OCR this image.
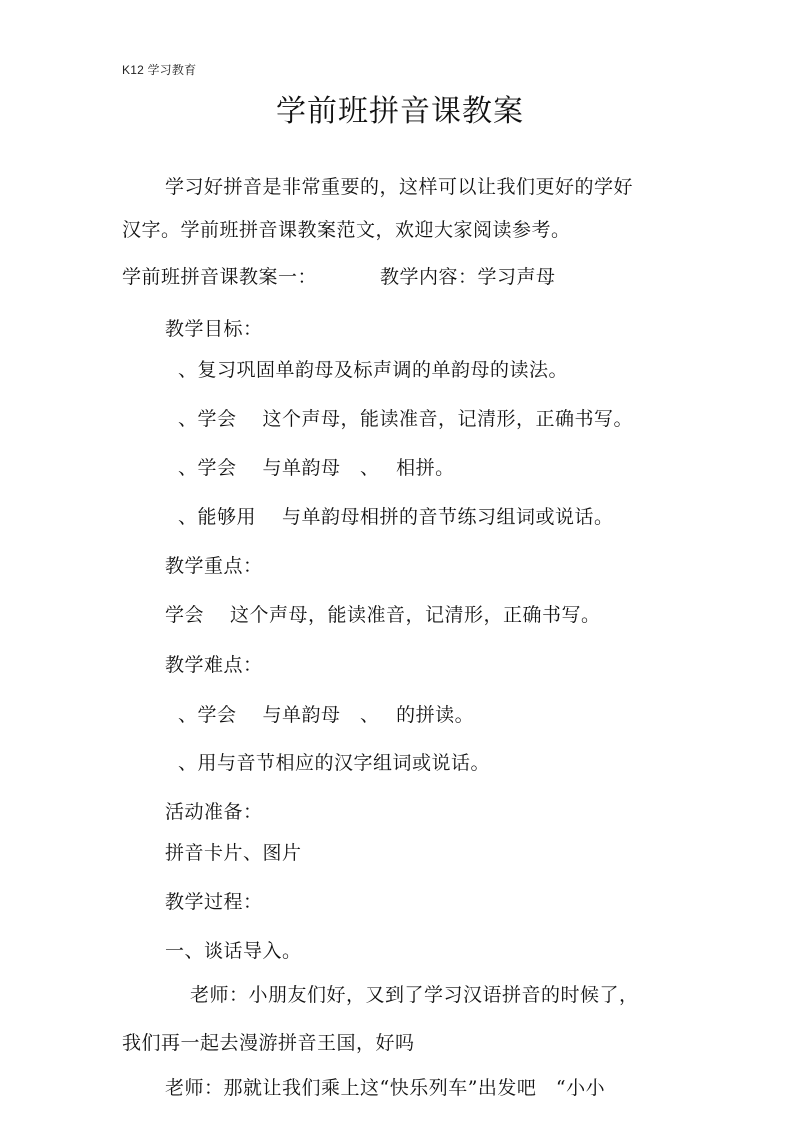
K12 学习教育
学前班拼音课教案
学习好拼音是非常重要的，这样可以让我们更好的学好
汉字。学前班拼音课教案范文，欢迎大家阅读参考。
学前班拼音课教案一：	教学内容：学习声母
教学目标：
、复习巩固单韵母及标声调的单韵母的读法。
、学会　 这个声母，能读准音，记清形，正确书写。
、学会　 与单韵母　、　 相拼。
、能够用　 与单韵母相拼的音节练习组词或说话。
教学重点：
学会　 这个声母，能读准音，记清形，正确书写。
教学难点：
、学会　 与单韵母　、　 的拼读。
、用与音节相应的汉字组词或说话。
活动准备：
拼音卡片、图片
教学过程：
一、谈话导入。
老师：小朋友们好，又到了学习汉语拼音的时候了，
我们再一起去漫游拼音王国，好吗
老师：那就让我们乘上这“快乐列车”出发吧　“小小
